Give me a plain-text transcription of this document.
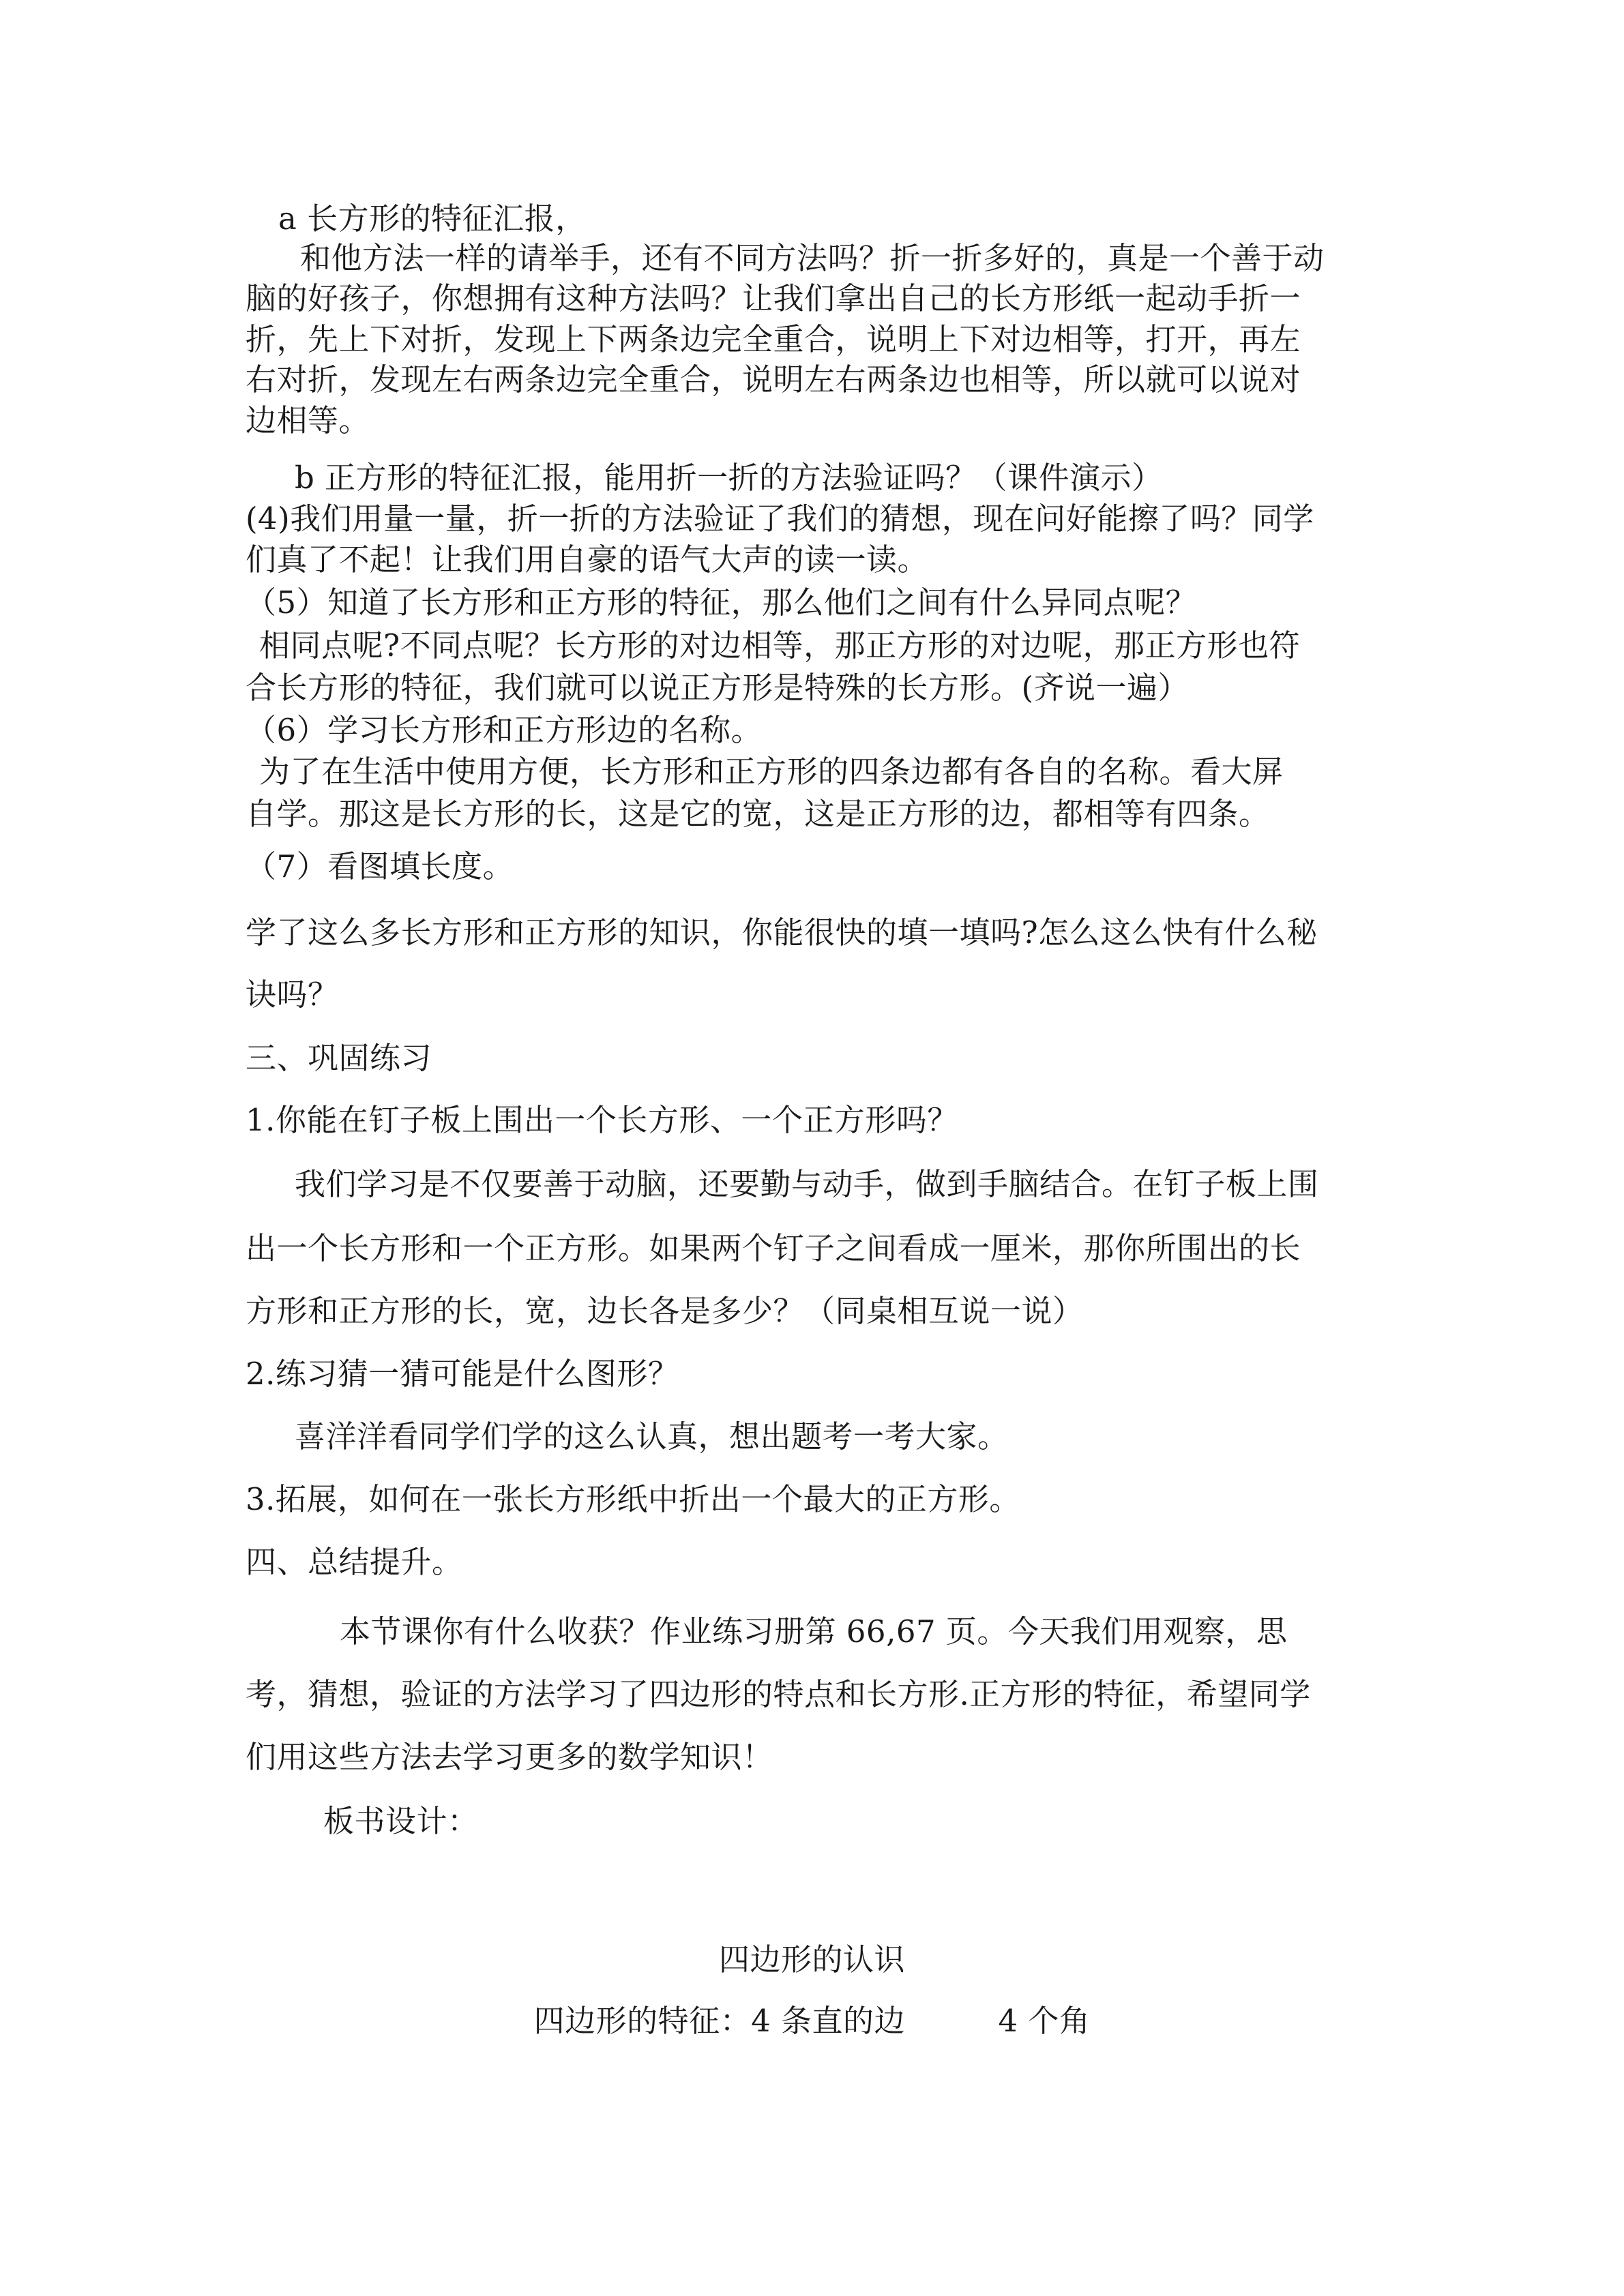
a 长方形的特征汇报，
和他方法一样的请举手，还有不同方法吗？折一折多好的，真是一个善于动
脑的好孩子，你想拥有这种方法吗？让我们拿出自己的长方形纸一起动手折一
折，先上下对折，发现上下两条边完全重合，说明上下对边相等，打开，再左
右对折，发现左右两条边完全重合，说明左右两条边也相等，所以就可以说对
边相等。
b 正方形的特征汇报，能用折一折的方法验证吗？（课件演示）
(4)我们用量一量，折一折的方法验证了我们的猜想，现在问好能擦了吗？同学
们真了不起！让我们用自豪的语气大声的读一读。
（5）知道了长方形和正方形的特征，那么他们之间有什么异同点呢？
相同点呢?不同点呢？长方形的对边相等，那正方形的对边呢，那正方形也符
合长方形的特征，我们就可以说正方形是特殊的长方形。(齐说一遍）
（6）学习长方形和正方形边的名称。
为了在生活中使用方便，长方形和正方形的四条边都有各自的名称。看大屏
自学。那这是长方形的长，这是它的宽，这是正方形的边，都相等有四条。
（7）看图填长度。
学了这么多长方形和正方形的知识，你能很快的填一填吗?怎么这么快有什么秘
诀吗？
三、巩固练习
1.你能在钉子板上围出一个长方形、一个正方形吗？
我们学习是不仅要善于动脑，还要勤与动手，做到手脑结合。在钉子板上围
出一个长方形和一个正方形。如果两个钉子之间看成一厘米，那你所围出的长
方形和正方形的长，宽，边长各是多少？（同桌相互说一说）
2.练习猜一猜可能是什么图形？
喜洋洋看同学们学的这么认真，想出题考一考大家。
3.拓展，如何在一张长方形纸中折出一个最大的正方形。
四、总结提升。
本节课你有什么收获？作业练习册第 66,67 页。今天我们用观察，思
考，猜想，验证的方法学习了四边形的特点和长方形.正方形的特征，希望同学
们用这些方法去学习更多的数学知识！
板书设计：
四边形的认识
四边形的特征：4 条直的边　　　4 个角
